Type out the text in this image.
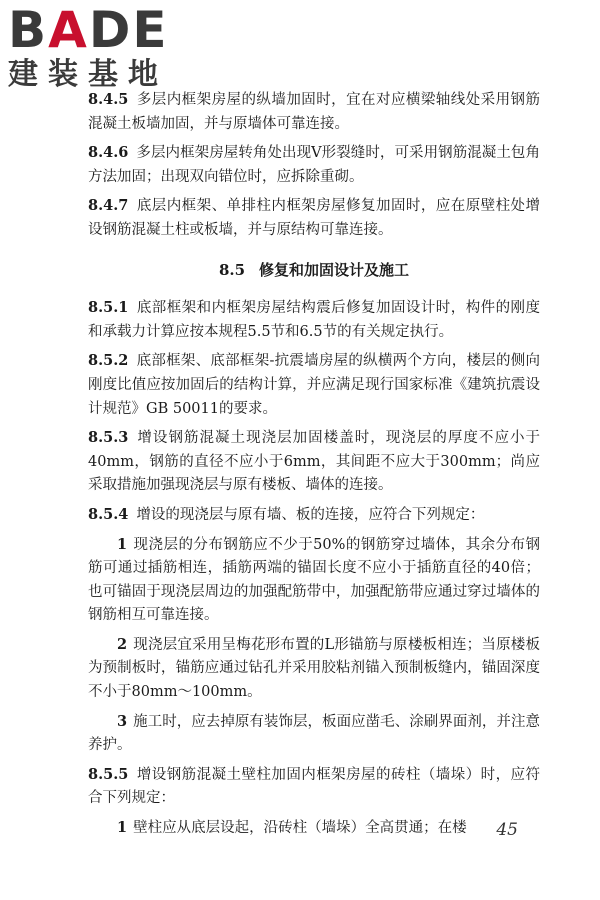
BADE
建装基地

8.4.5 多层内框架房屋的纵墙加固时，宜在对应横梁轴线处采用钢筋混凝土板墙加固，并与原墙体可靠连接。

8.4.6 多层内框架房屋转角处出现V形裂缝时，可采用钢筋混凝土包角方法加固；出现双向错位时，应拆除重砌。

8.4.7 底层内框架、单排柱内框架房屋修复加固时，应在原壁柱处增设钢筋混凝土柱或板墙，并与原结构可靠连接。

8.5 修复和加固设计及施工

8.5.1 底部框架和内框架房屋结构震后修复加固设计时，构件的刚度和承载力计算应按本规程5.5节和6.5节的有关规定执行。

8.5.2 底部框架、底部框架-抗震墙房屋的纵横两个方向，楼层的侧向刚度比值应按加固后的结构计算，并应满足现行国家标准《建筑抗震设计规范》GB 50011的要求。

8.5.3 增设钢筋混凝土现浇层加固楼盖时，现浇层的厚度不应小于40mm，钢筋的直径不应小于6mm，其间距不应大于300mm；尚应采取措施加强现浇层与原有楼板、墙体的连接。

8.5.4 增设的现浇层与原有墙、板的连接，应符合下列规定：

1 现浇层的分布钢筋应不少于50%的钢筋穿过墙体，其余分布钢筋可通过插筋相连，插筋两端的锚固长度不应小于插筋直径的40倍；也可锚固于现浇层周边的加强配筋带中，加强配筋带应通过穿过墙体的钢筋相互可靠连接。

2 现浇层宜采用呈梅花形布置的L形锚筋与原楼板相连；当原楼板为预制板时，锚筋应通过钻孔并采用胶粘剂锚入预制板缝内，锚固深度不小于80mm～100mm。

3 施工时，应去掉原有装饰层，板面应凿毛、涂刷界面剂，并注意养护。

8.5.5 增设钢筋混凝土壁柱加固内框架房屋的砖柱（墙垛）时，应符合下列规定：

1 壁柱应从底层设起，沿砖柱（墙垛）全高贯通；在楼	45
